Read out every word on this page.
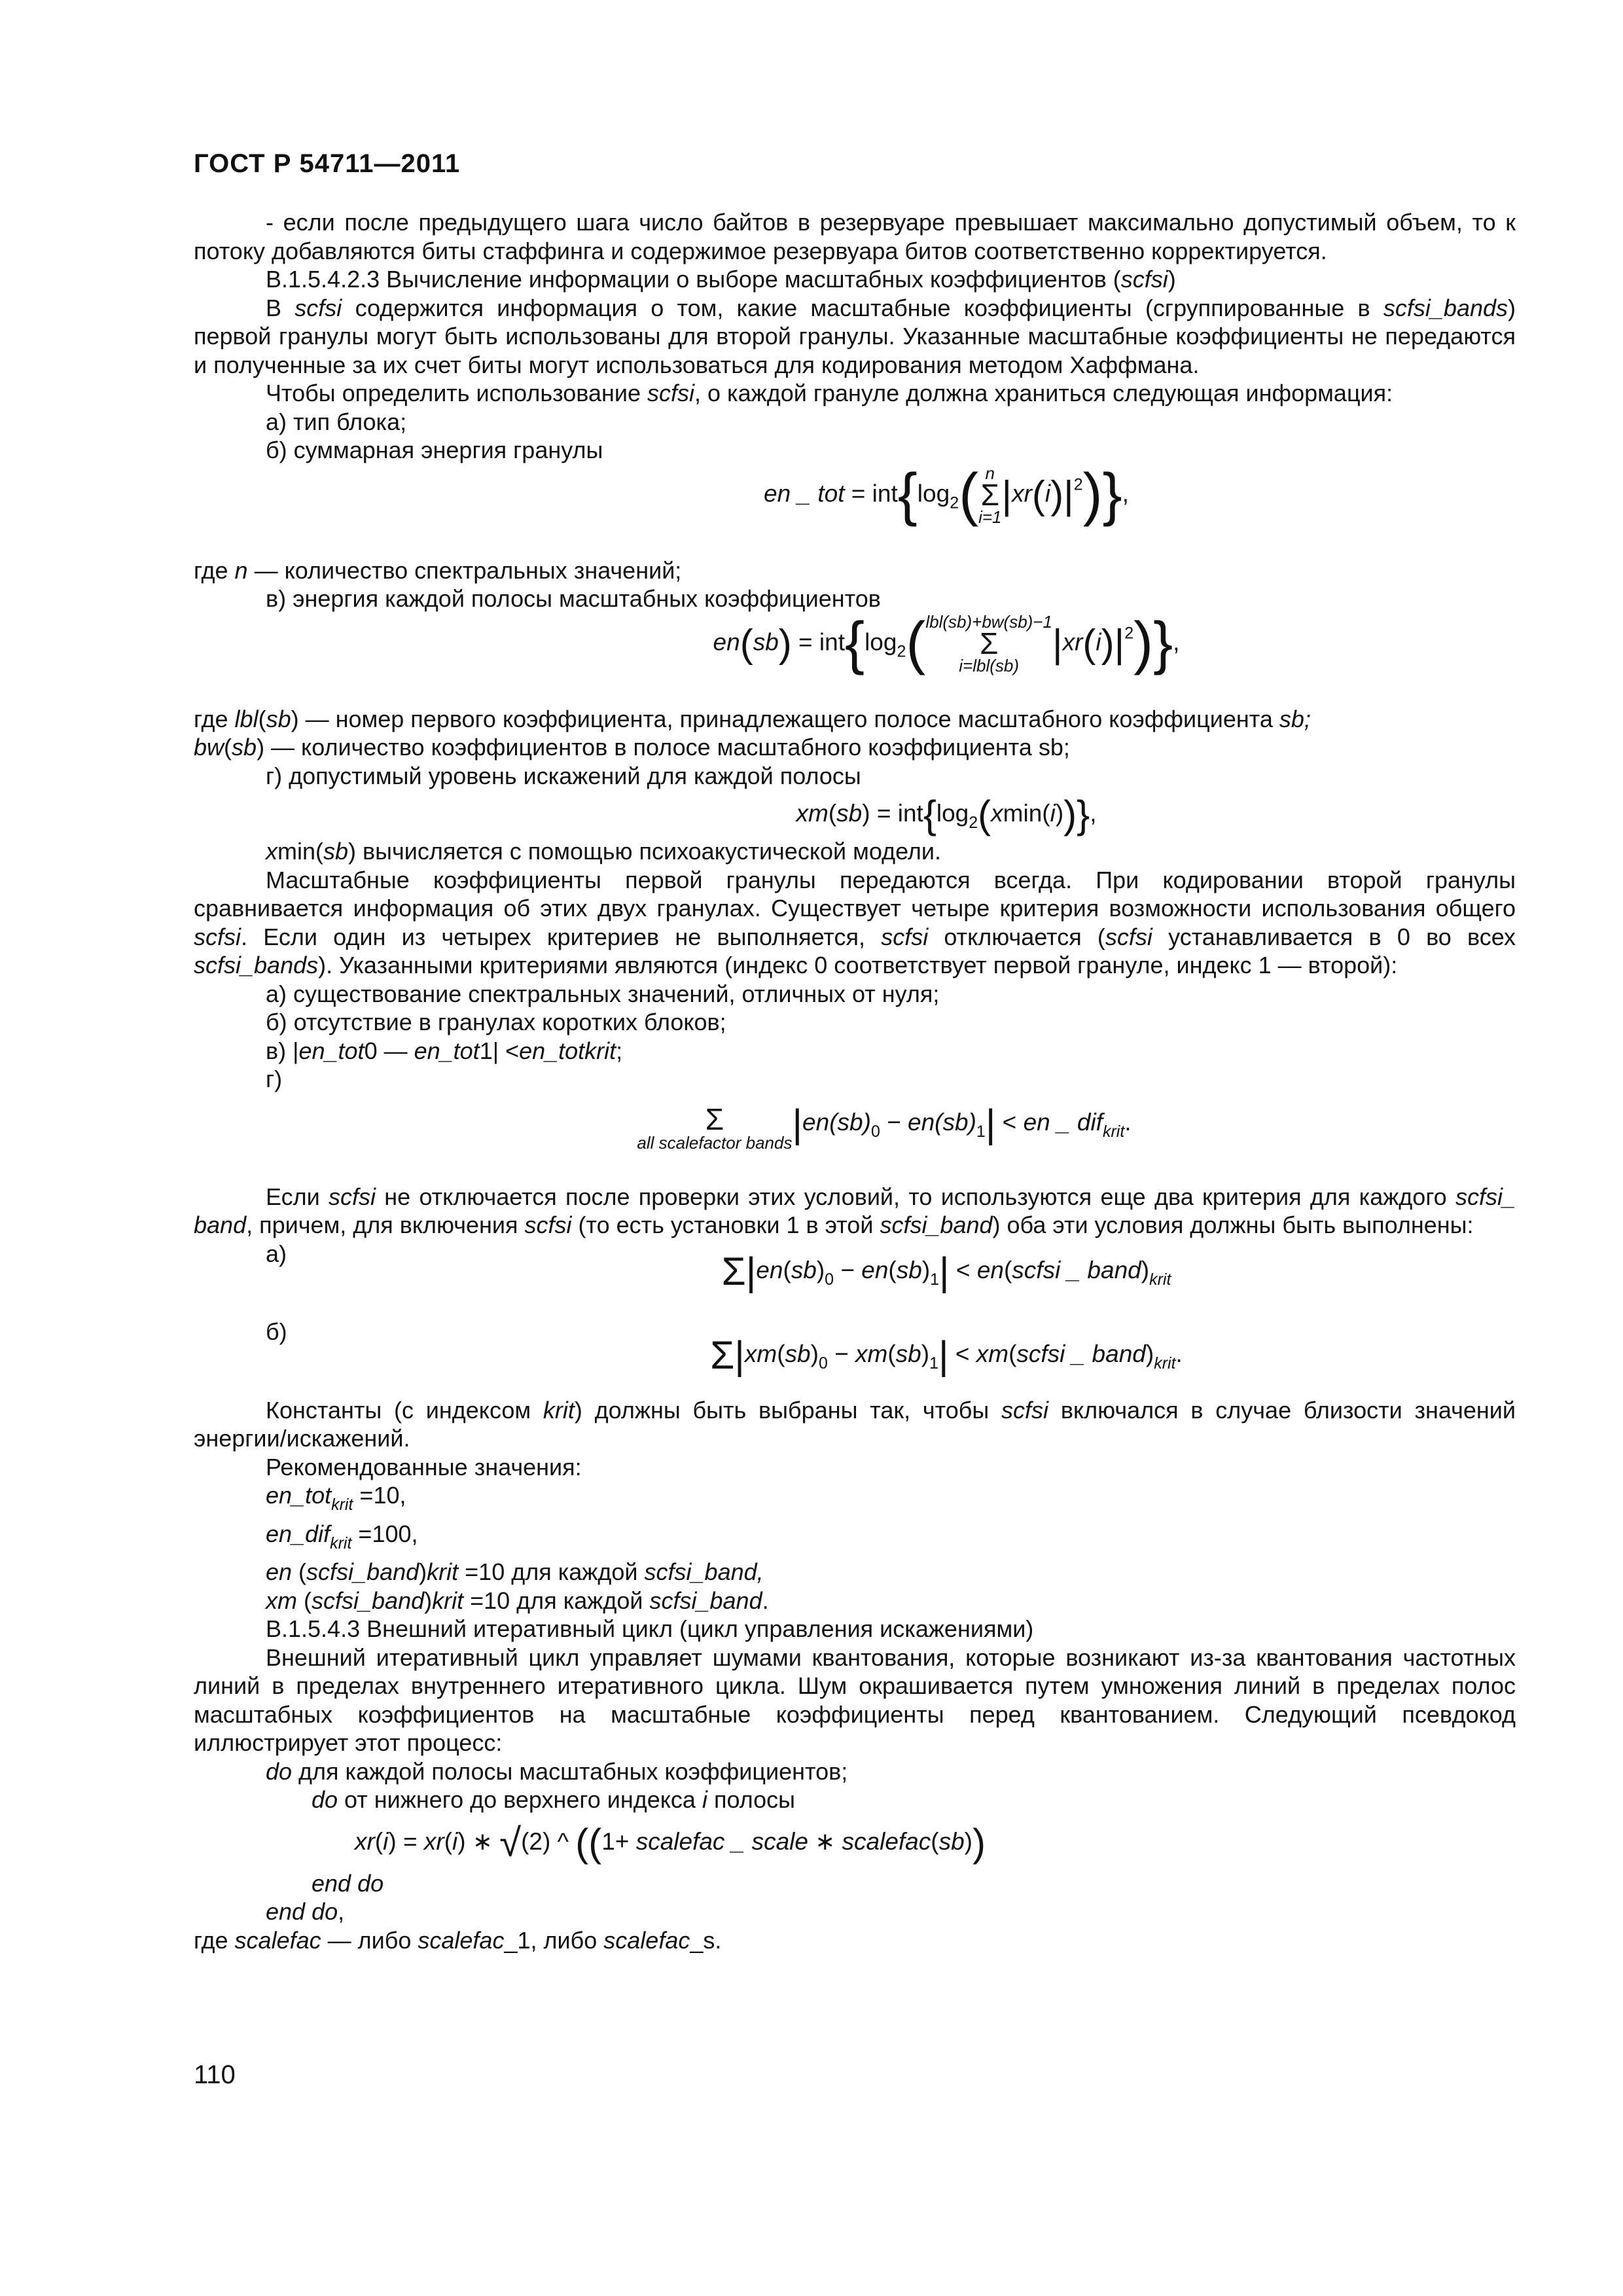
ГОСТ Р 54711—2011

- если после предыдущего шага число байтов в резервуаре превышает максимально допустимый объем, то к потоку добавляются биты стаффинга и содержимое резервуара битов соответственно корректируется.

В.1.5.4.2.3 Вычисление информации о выборе масштабных коэффициентов (scfsi)

В scfsi содержится информация о том, какие масштабные коэффициенты (сгруппированные в scfsi_bands) первой гранулы могут быть использованы для второй гранулы. Указанные масштабные коэффициенты не передаются и полученные за их счет биты могут использоваться для кодирования методом Хаффмана.

Чтобы определить использование scfsi, о каждой грануле должна храниться следующая информация:

а) тип блока;

б) суммарная энергия гранулы

en _ tot = $int\{\log_2$( n
Σ
$i=1|xr(i)|^2$)},

где n — количество спектральных значений;

в) энергия каждой полосы масштабных коэффициентов

$en(sb) = int\{\log_2(lbl(sb)+bw(sb)-1$
Σ
$i=lbl(sb)|xr(i)|^2$)},

где lbl(sb) — номер первого коэффициента, принадлежащего полосе масштабного коэффициента sb;

bw(sb) — количество коэффициентов в полосе масштабного коэффициента sb;

г) допустимый уровень искажений для каждой полосы

$xm(sb) = int\{\log_2(xmin(i))\}$,

xmin(sb) вычисляется с помощью психоакустической модели.

Масштабные коэффициенты первой гранулы передаются всегда. При кодировании второй гранулы сравнивается информация об этих двух гранулах. Существует четыре критерия возможности использования общего scfsi. Если один из четырех критериев не выполняется, scfsi отключается (scfsi устанавливается в 0 во всех scfsi_bands). Указанными критериями являются (индекс 0 соответствует первой грануле, индекс 1 — второй):

а) существование спектральных значений, отличных от нуля;

б) отсутствие в гранулах коротких блоков;

в) |en_tot0 — en_tot1| <en_totkrit;

г)

Σ
all scalefactor bands $|en(sb)_0 - en(sb)_1|$ < en _ dif$_{krit}$.

Если scfsi не отключается после проверки этих условий, то используются еще два критерия для каждого scfsi_ band, причем, для включения scfsi (то есть установки 1 в этой scfsi_band) оба эти условия должны быть выполнены:

а)	$\Sigma|en(sb)_0 - en(sb)_1|$ < en(scfsi _ $band)_{krit}$

б)

$\Sigma|xm(sb)_0 - xm(sb)_1|$ < xm(scfsi _ $band)_{krit}$.

Константы (с индексом krit) должны быть выбраны так, чтобы scfsi включался в случае близости значений энергии/искажений.

Рекомендованные значения:

en_tot$_{krit}$ =10,

en_dif$_{krit}$ =100,

en (scfsi_band)krit =10 для каждой scfsi_band,

xm (scfsi_band)krit =10 для каждой scfsi_band.

В.1.5.4.3 Внешний итеративный цикл (цикл управления искажениями)

Внешний итеративный цикл управляет шумами квантования, которые возникают из-за квантования частотных линий в пределах внутреннего итеративного цикла. Шум окрашивается путем умножения линий в пределах полос масштабных коэффициентов на масштабные коэффициенты перед квантованием. Следующий псевдокод иллюстрирует этот процесс:

do для каждой полосы масштабных коэффициентов;

do от нижнего до верхнего индекса i полосы

xr(i) = xr(i) ∗ √(2) ^ ((1+ scalefac _ scale ∗ scalefac(sb))

end do

end do,

где scalefac — либо scalefac_1, либо scalefac_s.

110
